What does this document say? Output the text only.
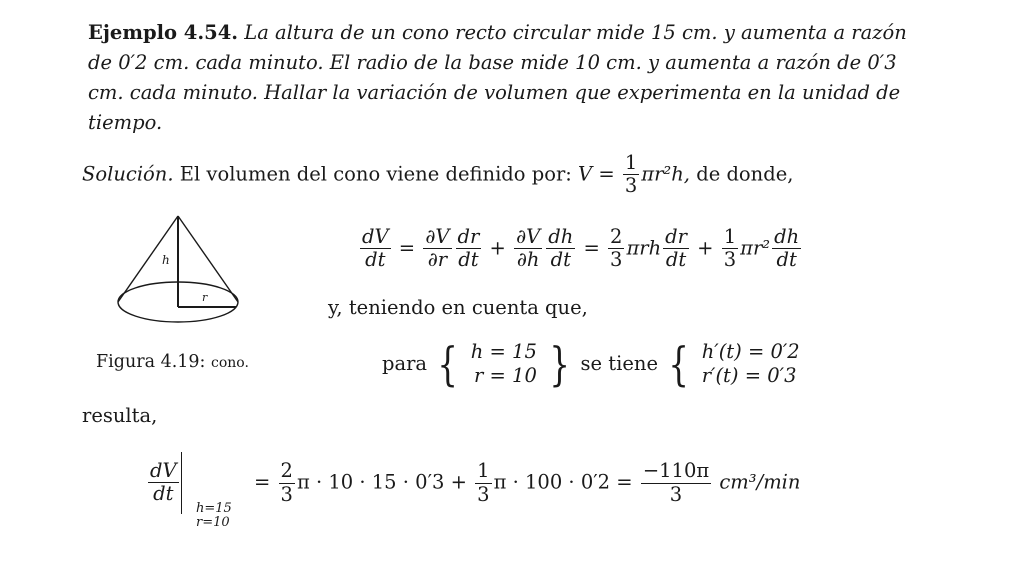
Ejemplo 4.54. La altura de un cono recto circular mide 15 cm. y aumenta a razón de 0′2 cm. cada minuto. El radio de la base mide 10 cm. y aumenta a razón de 0′3 cm. cada minuto. Hallar la variación de volumen que experimenta en la unidad de tiempo.
Solución. El volumen del cono viene definido por: $V = \frac{1}{3} \pi r^2h$, de donde,
h
r
$\frac{dV}{dt} = \frac{\partial V}{\partial r} \frac{dr}{dt} + \frac{\partial V}{\partial h} \frac{dh}{dt} = \frac{2}{3}$ πrh $\frac{dr}{dt} + \frac{1}{3} \pi r^2 \frac{dh}{dt}$
y, teniendo en cuenta que,
Figura 4.19: cono.	para { h = 15
r = 10 } se tiene { h′(t) = 0′2
r′(t) = 0′3
resulta,
$\frac{dV}{dt}$	= $\frac{2}{3}$ $\pi \cdot 10 \cdot 15 \cdot 0'3 + \frac{1}{3}$ $\pi \cdot 100 \cdot 0'2 = \frac{-110\pi}{3} cm^3/\min$
h=15
r=10
